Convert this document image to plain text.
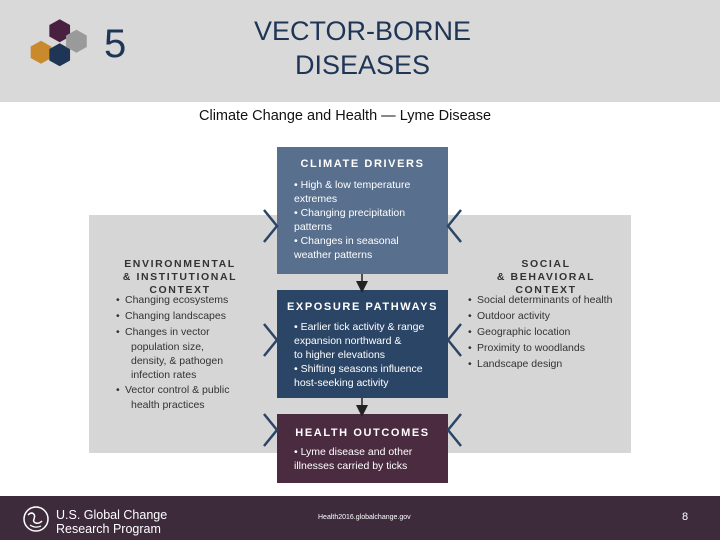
5	VECTOR-BORNE
DISEASES
Climate Change and Health — Lyme Disease
ENVIRONMENTAL
& INSTITUTIONAL CONTEXT
• Changing ecosystems
• Changing landscapes
• Changes in vector
population size,
density, & pathogen
infection rates
• Vector control & public
health practices
SOCIAL
& BEHAVIORAL CONTEXT
• Social determinants of health
• Outdoor activity
• Geographic location
• Proximity to woodlands
• Landscape design
CLIMATE DRIVERS
• High & low temperature
extremes
• Changing precipitation
patterns
• Changes in seasonal
weather patterns
EXPOSURE PATHWAYS
• Earlier tick activity & range
expansion northward &
to higher elevations
• Shifting seasons influence
host-seeking activity
HEALTH OUTCOMES
• Lyme disease and other
illnesses carried by ticks
U.S. Global Change
Research Program
Health2016.globalchange.gov	8
